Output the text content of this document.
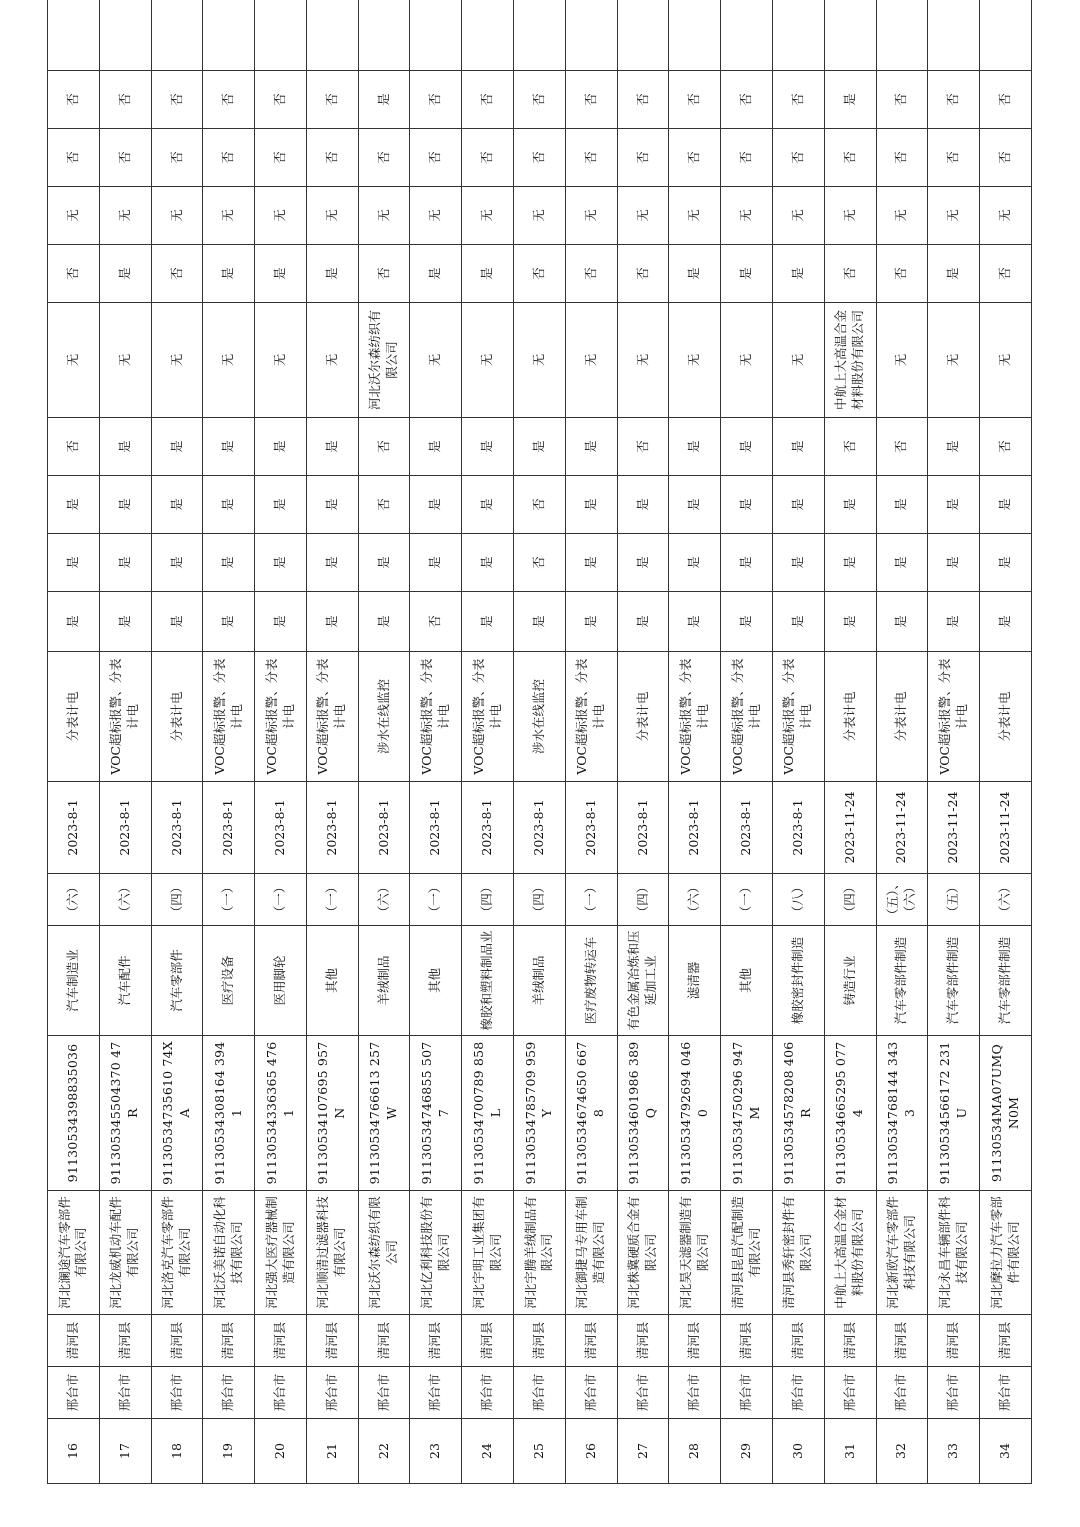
16	邢台市	清河县	河北澜途汽车零部件有限公司	91130534398835036	汽车制造业	（六）	2023-8-1	分表计电	是	是	是	否	无	否	无	否	否	
17	邢台市	清河县	河北龙威机动车配件有限公司	911305345504370 47R	汽车配件	（六）	2023-8-1	VOC超标报警、分表计电	是	是	是	是	无	是	无	否	否	
18	邢台市	清河县	河北洛克汽车零部件有限公司	91130534735610 74XA	汽车零部件	（四）	2023-8-1	分表计电	是	是	是	是	无	否	无	否	否	
19	邢台市	清河县	河北沃美诺自动化科技有限公司	91130534308164 3941	医疗设备	（一）	2023-8-1	VOC超标报警、分表计电	是	是	是	是	无	是	无	否	否	
20	邢台市	清河县	河北强大医疗器械制造有限公司	91130534336365 4761	医用脚轮	（一）	2023-8-1	VOC超标报警、分表计电	是	是	是	是	无	是	无	否	否	
21	邢台市	清河县	河北顺清过滤器科技有限公司	91130534107695 957N	其他	（一）	2023-8-1	VOC超标报警、分表计电	是	是	是	是	无	是	无	否	否	
22	邢台市	清河县	河北沃尔森纺织有限公司	91130534766613 257W	羊绒制品	（六）	2023-8-1	涉水在线监控	是	是	否	否	河北沃尔森纺织有限公司	否	无	否	是	
23	邢台市	清河县	河北亿利科技股份有限公司	91130534746855 5077	其他	（一）	2023-8-1	VOC超标报警、分表计电	否	是	是	是	无	是	无	否	否	
24	邢台市	清河县	河北宇明工业集团有限公司	91130534700789 858L	橡胶和塑料制品业	（四）	2023-8-1	VOC超标报警、分表计电	是	是	是	是	无	是	无	否	否	
25	邢台市	清河县	河北宇腾羊绒制品有限公司	91130534785709 959Y	羊绒制品	（四）	2023-8-1	涉水在线监控	是	否	否	是	无	否	无	否	否	
26	邢台市	清河县	河北御捷马专用车制造有限公司	91130534674650 6678	医疗废物转运车	（一）	2023-8-1	VOC超标报警、分表计电	是	是	是	是	无	否	无	否	否	
27	邢台市	清河县	河北株冀硬质合金有限公司	91130534601986 389Q	有色金属冶炼和压延加工业	（四）	2023-8-1	分表计电	是	是	是	否	无	否	无	否	否	
28	邢台市	清河县	河北昊天滤器制造有限公司	91130534792694 0460	滤清器	（六）	2023-8-1	VOC超标报警、分表计电	是	是	是	是	无	是	无	否	否	
29	邢台市	清河县	清河县昆昌汽配制造有限公司	91130534750296 947M	其他	（一）	2023-8-1	VOC超标报警、分表计电	是	是	是	是	无	是	无	否	否	
30	邢台市	清河县	清河县秀轩密封件有限公司	91130534578208 406R	橡胶密封件制造	（八）	2023-8-1	VOC超标报警、分表计电	是	是	是	是	无	是	无	否	否	
31	邢台市	清河县	中航上大高温合金材料股份有限公司	91130534665295 0774	铸造行业	（四）	2023-11-24	分表计电	是	是	是	否	中航上大高温合金材料股份有限公司	否	无	否	是	
32	邢台市	清河县	河北新欧汽车零部件科技有限公司	91130534768144 3433	汽车零部件制造	（五）、（六）	2023-11-24	分表计电	是	是	是	否	无	否	无	否	否	
33	邢台市	清河县	河北永昌车辆部件科技有限公司	91130534566172 231U	汽车零部件制造	（五）	2023-11-24	VOC超标报警、分表计电	是	是	是	是	无	是	无	否	否	
34	邢台市	清河县	河北摩拉力汽车零部件有限公司	91130534MA07UMQN0M	汽车零部件制造	（六）	2023-11-24	分表计电	是	是	是	否	无	否	无	否	否	
